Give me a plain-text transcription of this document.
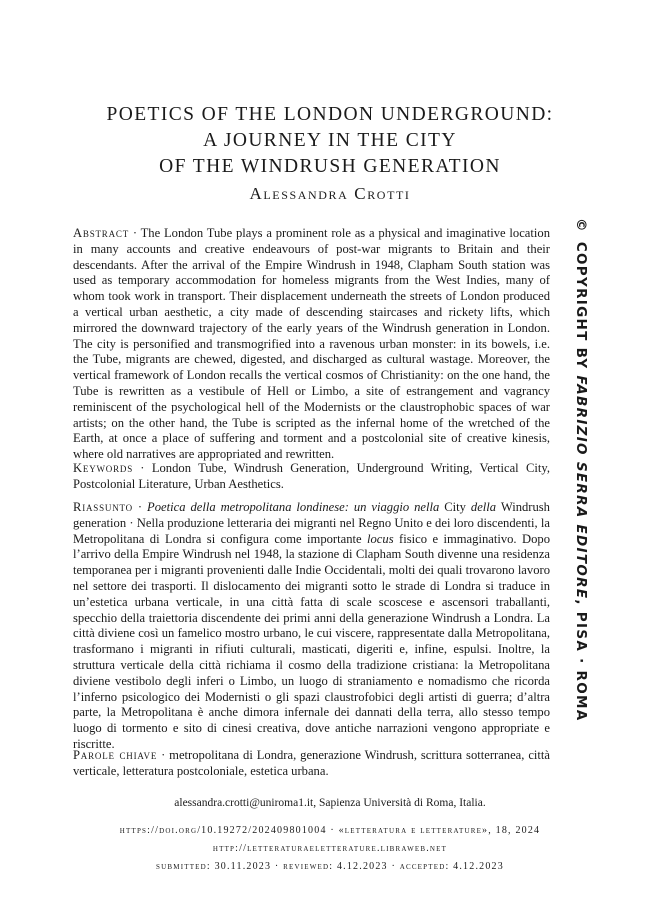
POETICS OF THE LONDON UNDERGROUND:
A JOURNEY IN THE CITY
OF THE WINDRUSH GENERATION
Alessandra Crotti

Abstract · The London Tube plays a prominent role as a physical and imaginative location in many accounts and creative endeavours of post-war migrants to Britain and their descendants. After the arrival of the Empire Windrush in 1948, Clapham South station was used as temporary accommodation for homeless migrants from the West Indies, many of whom took work in transport. Their displacement underneath the streets of London produced a vertical urban aesthetic, a city made of descending staircases and rickety lifts, which mirrored the downward trajectory of the early years of the Windrush generation in London. The city is personified and transmogrified into a ravenous urban monster: in its bowels, i.e. the Tube, migrants are chewed, digested, and discharged as cultural wastage. Moreover, the vertical framework of London recalls the vertical cosmos of Christianity: on the one hand, the Tube is rewritten as a vestibule of Hell or Limbo, a site of estrangement and vagrancy reminiscent of the psychological hell of the Modernists or the claustrophobic spaces of war artists; on the other hand, the Tube is scripted as the infernal home of the wretched of the Earth, at once a place of suffering and torment and a postcolonial site of creative kinesis, where old narratives are appropriated and rewritten.

Keywords · London Tube, Windrush Generation, Underground Writing, Vertical City, Postcolonial Literature, Urban Aesthetics.

Riassunto · Poetica della metropolitana londinese: un viaggio nella City della Windrush generation · Nella produzione letteraria dei migranti nel Regno Unito e dei loro discendenti, la Metropolitana di Londra si configura come importante locus fisico e immaginativo. Dopo l’arrivo della Empire Windrush nel 1948, la stazione di Clapham South divenne una residenza temporanea per i migranti provenienti dalle Indie Occidentali, molti dei quali trovarono lavoro nel settore dei trasporti. Il dislocamento dei migranti sotto le strade di Londra si traduce in un’estetica urbana verticale, in una città fatta di scale scoscese e ascensori traballanti, specchio della traiettoria discendente dei primi anni della generazione Windrush a Londra. La città diviene così un famelico mostro urbano, le cui viscere, rappresentate dalla Metropolitana, trasformano i migranti in rifiuti culturali, masticati, digeriti e, infine, espulsi. Inoltre, la struttura verticale della città richiama il cosmo della tradizione cristiana: la Metropolitana diviene vestibolo degli inferi o Limbo, un luogo di straniamento e nomadismo che ricorda l’inferno psicologico dei Modernisti o gli spazi claustrofobici degli artisti di guerra; d’altra parte, la Metropolitana è anche dimora infernale dei dannati della terra, allo stesso tempo luogo di tormento e sito di cinesi creativa, dove antiche narrazioni vengono appropriate e riscritte.

Parole chiave · metropolitana di Londra, generazione Windrush, scrittura sotterranea, città verticale, letteratura postcoloniale, estetica urbana.

alessandra.crotti@uniroma1.it, Sapienza Università di Roma, Italia.
https://doi.org/10.19272/202409801004 · «letteratura e letterature», 18, 2024
http://letteraturaeletterature.libraweb.net
submitted: 30.11.2023 · reviewed: 4.12.2023 · accepted: 4.12.2023
© COPYRIGHT BY FABRIZIO SERRA EDITORE, PISA · ROMA
